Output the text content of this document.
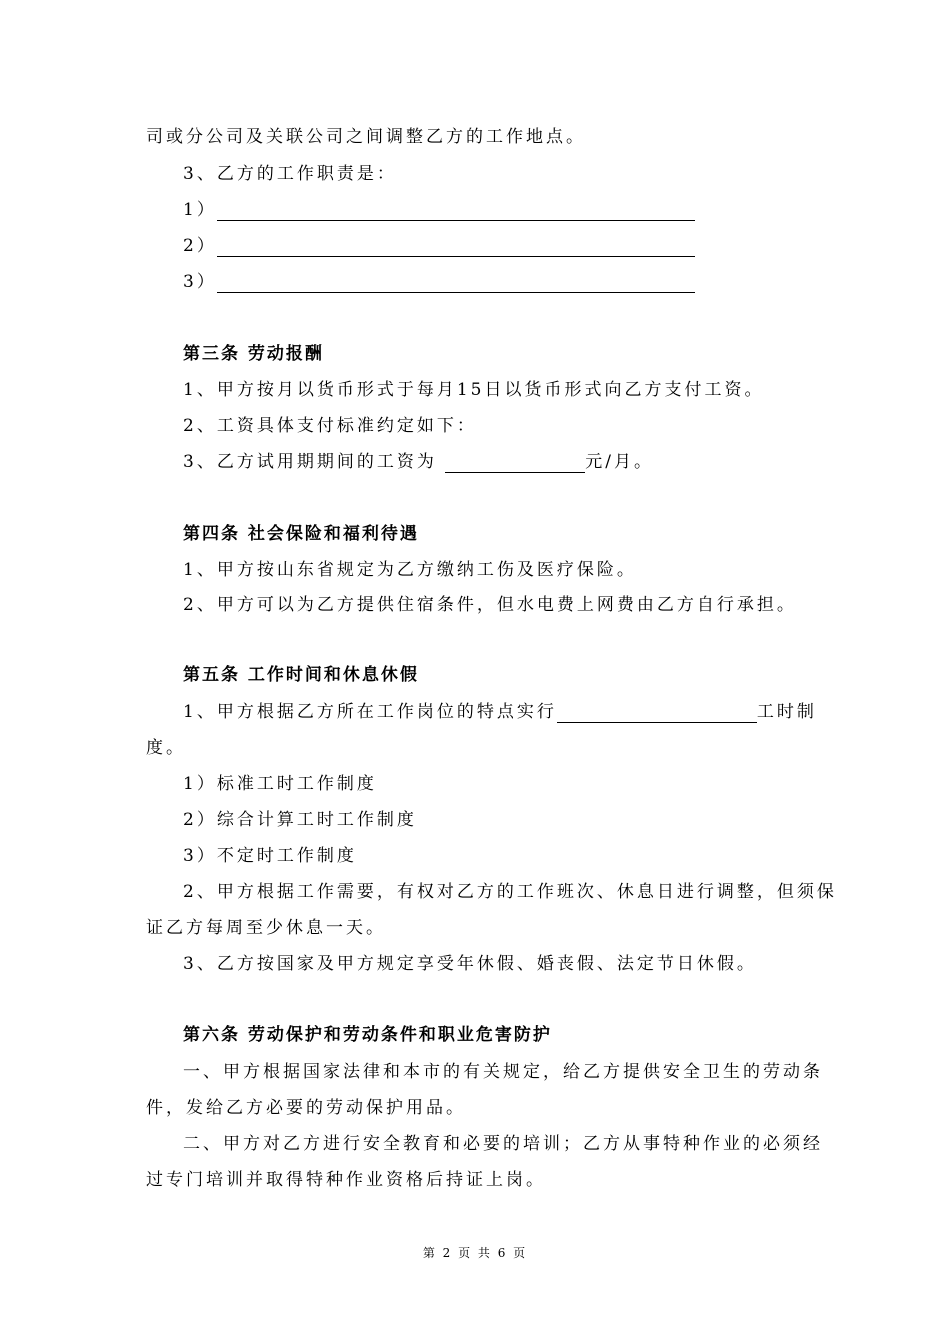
司或分公司及关联公司之间调整乙方的工作地点。
3、乙方的工作职责是：
1）
2）
3）
第三条 劳动报酬
1、甲方按月以货币形式于每月15日以货币形式向乙方支付工资。
2、工资具体支付标准约定如下：
3、乙方试用期期间的工资为	元/月。
第四条 社会保险和福利待遇
1、甲方按山东省规定为乙方缴纳工伤及医疗保险。
2、甲方可以为乙方提供住宿条件，但水电费上网费由乙方自行承担。
第五条 工作时间和休息休假
1、甲方根据乙方所在工作岗位的特点实行	工时制
度。
1）标准工时工作制度
2）综合计算工时工作制度
3）不定时工作制度
2、甲方根据工作需要，有权对乙方的工作班次、休息日进行调整，但须保
证乙方每周至少休息一天。
3、乙方按国家及甲方规定享受年休假、婚丧假、法定节日休假。
第六条 劳动保护和劳动条件和职业危害防护
一、甲方根据国家法律和本市的有关规定，给乙方提供安全卫生的劳动条
件，发给乙方必要的劳动保护用品。
二、甲方对乙方进行安全教育和必要的培训；乙方从事特种作业的必须经
过专门培训并取得特种作业资格后持证上岗。
第 2 页 共 6 页
